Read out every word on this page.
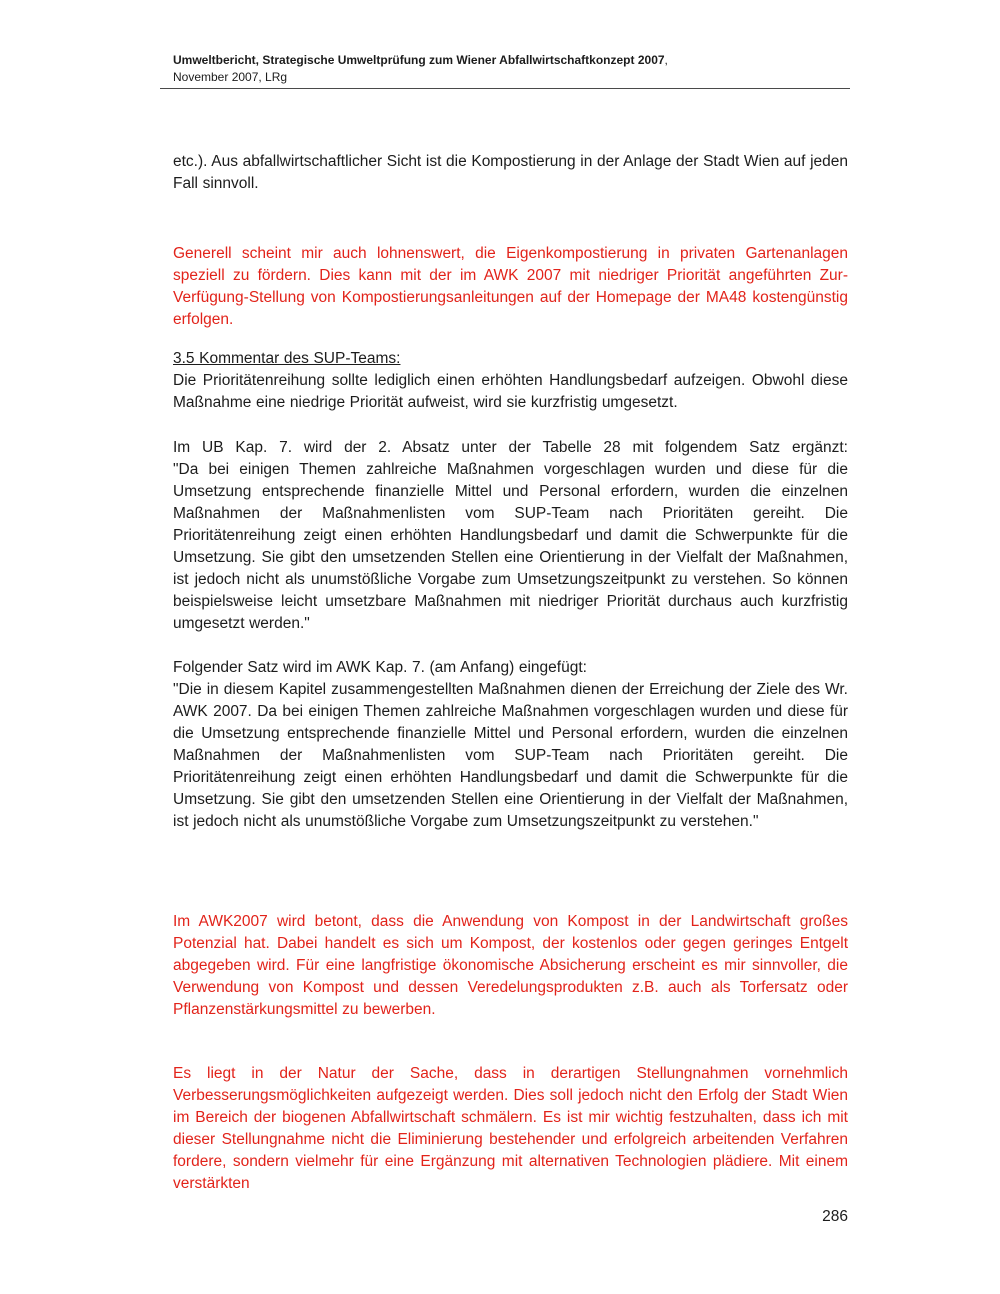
Umweltbericht, Strategische Umweltprüfung zum Wiener Abfallwirtschaftkonzept 2007,
November 2007, LRg

etc.). Aus abfallwirtschaftlicher Sicht ist die Kompostierung in der Anlage der Stadt Wien auf jeden Fall sinnvoll.

Generell scheint mir auch lohnenswert, die Eigenkompostierung in privaten Gartenanlagen speziell zu fördern. Dies kann mit der im AWK 2007 mit niedriger Priorität angeführten Zur-Verfügung-Stellung von Kompostierungsanleitungen auf der Homepage der MA48 kostengünstig erfolgen.

3.5 Kommentar des SUP-Teams:

Die Prioritätenreihung sollte lediglich einen erhöhten Handlungsbedarf aufzeigen. Obwohl diese Maßnahme eine niedrige Priorität aufweist, wird sie kurzfristig umgesetzt.

Im UB Kap. 7. wird der 2. Absatz unter der Tabelle 28 mit folgendem Satz ergänzt:
"Da bei einigen Themen zahlreiche Maßnahmen vorgeschlagen wurden und diese für die Umsetzung entsprechende finanzielle Mittel und Personal erfordern, wurden die einzelnen Maßnahmen der Maßnahmenlisten vom SUP-Team nach Prioritäten gereiht. Die Prioritätenreihung zeigt einen erhöhten Handlungsbedarf und damit die Schwerpunkte für die Umsetzung. Sie gibt den umsetzenden Stellen eine Orientierung in der Vielfalt der Maßnahmen, ist jedoch nicht als unumstößliche Vorgabe zum Umsetzungszeitpunkt zu verstehen. So können beispielsweise leicht umsetzbare Maßnahmen mit niedriger Priorität durchaus auch kurzfristig umgesetzt werden."

Folgender Satz wird im AWK Kap. 7. (am Anfang) eingefügt:
"Die in diesem Kapitel zusammengestellten Maßnahmen dienen der Erreichung der Ziele des Wr. AWK 2007. Da bei einigen Themen zahlreiche Maßnahmen vorgeschlagen wurden und diese für die Umsetzung entsprechende finanzielle Mittel und Personal erfordern, wurden die einzelnen Maßnahmen der Maßnahmenlisten vom SUP-Team nach Prioritäten gereiht. Die Prioritätenreihung zeigt einen erhöhten Handlungsbedarf und damit die Schwerpunkte für die Umsetzung. Sie gibt den umsetzenden Stellen eine Orientierung in der Vielfalt der Maßnahmen, ist jedoch nicht als unumstößliche Vorgabe zum Umsetzungszeitpunkt zu verstehen."

Im AWK2007 wird betont, dass die Anwendung von Kompost in der Landwirtschaft großes Potenzial hat. Dabei handelt es sich um Kompost, der kostenlos oder gegen geringes Entgelt abgegeben wird. Für eine langfristige ökonomische Absicherung erscheint es mir sinnvoller, die Verwendung von Kompost und dessen Veredelungsprodukten z.B. auch als Torfersatz oder Pflanzenstärkungsmittel zu bewerben.

Es liegt in der Natur der Sache, dass in derartigen Stellungnahmen vornehmlich Verbesserungsmöglichkeiten aufgezeigt werden. Dies soll jedoch nicht den Erfolg der Stadt Wien im Bereich der biogenen Abfallwirtschaft schmälern. Es ist mir wichtig festzuhalten, dass ich mit dieser Stellungnahme nicht die Eliminierung bestehender und erfolgreich arbeitenden Verfahren fordere, sondern vielmehr für eine Ergänzung mit alternativen Technologien plädiere. Mit einem verstärkten

286
